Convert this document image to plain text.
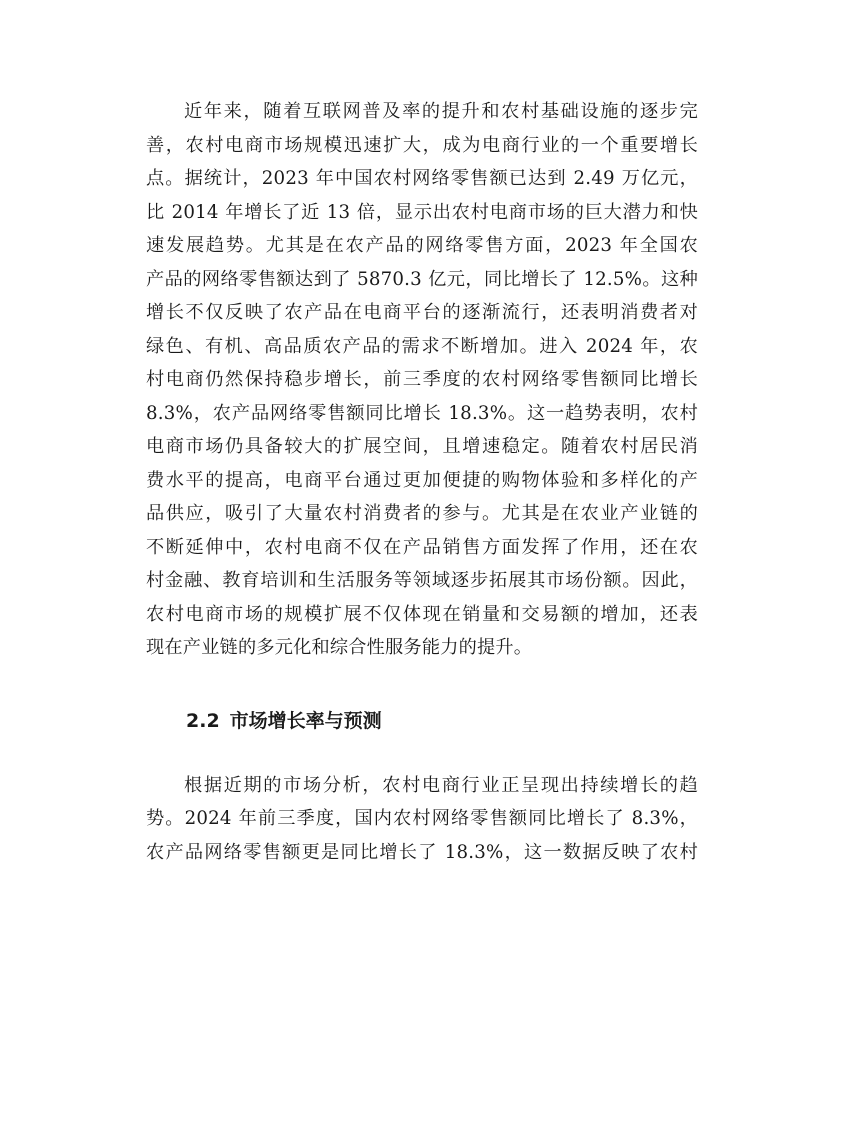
近年来，随着互联网普及率的提升和农村基础设施的逐步完
善，农村电商市场规模迅速扩大，成为电商行业的一个重要增长
点。据统计，2023 年中国农村网络零售额已达到 2.49 万亿元，
比 2014 年增长了近 13 倍，显示出农村电商市场的巨大潜力和快
速发展趋势。尤其是在农产品的网络零售方面，2023 年全国农
产品的网络零售额达到了 5870.3 亿元，同比增长了 12.5%。这种
增长不仅反映了农产品在电商平台的逐渐流行，还表明消费者对
绿色、有机、高品质农产品的需求不断增加。进入 2024 年，农
村电商仍然保持稳步增长，前三季度的农村网络零售额同比增长
8.3%，农产品网络零售额同比增长 18.3%。这一趋势表明，农村
电商市场仍具备较大的扩展空间，且增速稳定。随着农村居民消
费水平的提高，电商平台通过更加便捷的购物体验和多样化的产
品供应，吸引了大量农村消费者的参与。尤其是在农业产业链的
不断延伸中，农村电商不仅在产品销售方面发挥了作用，还在农
村金融、教育培训和生活服务等领域逐步拓展其市场份额。因此，
农村电商市场的规模扩展不仅体现在销量和交易额的增加，还表
现在产业链的多元化和综合性服务能力的提升。
2.2 市场增长率与预测
根据近期的市场分析，农村电商行业正呈现出持续增长的趋
势。2024 年前三季度，国内农村网络零售额同比增长了 8.3%，
农产品网络零售额更是同比增长了 18.3%，这一数据反映了农村
